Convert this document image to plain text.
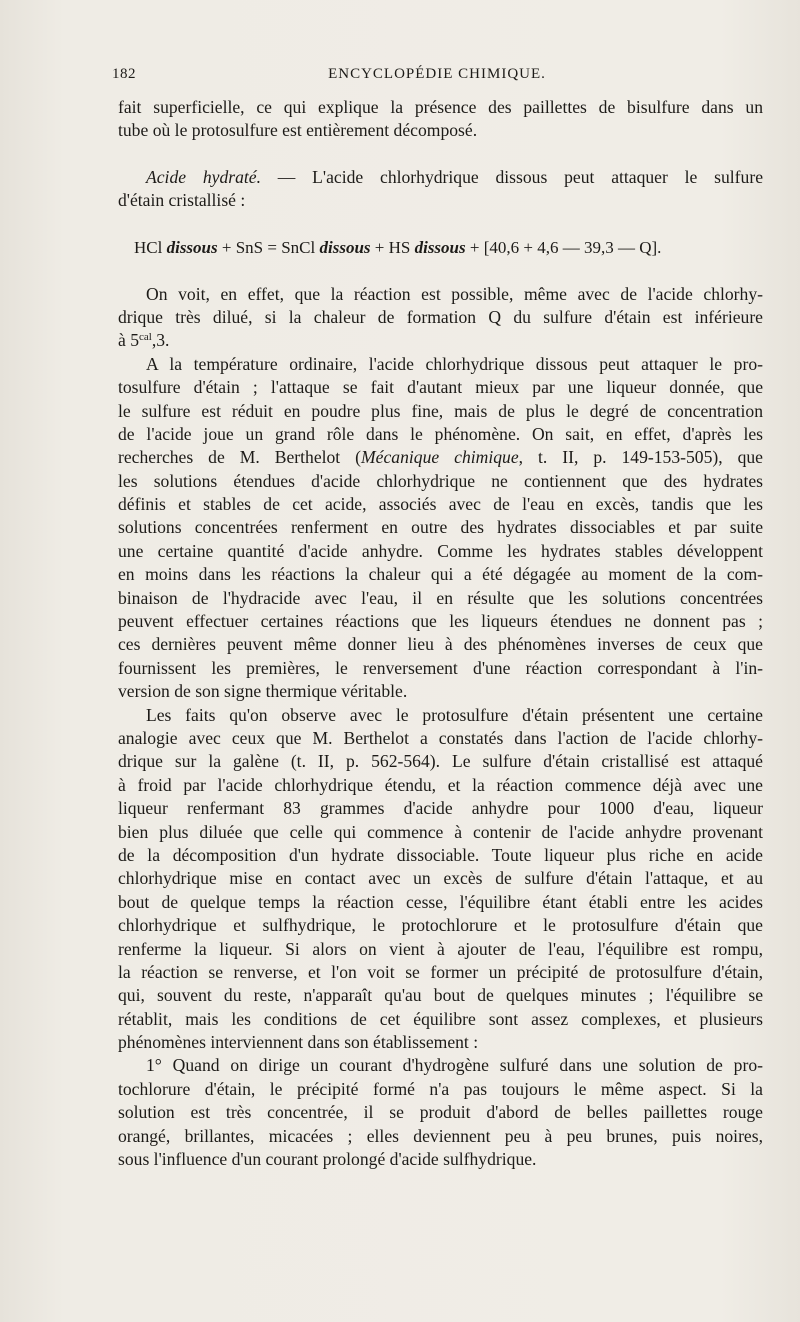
ENCYCLOPÉDIE CHIMIQUE.
182
fait superficielle, ce qui explique la présence des paillettes de bisulfure dans un
tube où le protosulfure est entièrement décomposé.
Acide hydraté. — L'acide chlorhydrique dissous peut attaquer le sulfure
d'étain cristallisé :
HCl dissous + SnS = SnCl dissous + HS dissous + [40,6 + 4,6 — 39,3 — Q].
On voit, en effet, que la réaction est possible, même avec de l'acide chlorhy-
drique très dilué, si la chaleur de formation Q du sulfure d'étain est inférieure
à $5^{cal},3$.
A la température ordinaire, l'acide chlorhydrique dissous peut attaquer le pro-
tosulfure d'étain ; l'attaque se fait d'autant mieux par une liqueur donnée, que
le sulfure est réduit en poudre plus fine, mais de plus le degré de concentration
de l'acide joue un grand rôle dans le phénomène. On sait, en effet, d'après les
recherches de M. Berthelot (Mécanique chimique, t. II, p. 149-153-505), que
les solutions étendues d'acide chlorhydrique ne contiennent que des hydrates
définis et stables de cet acide, associés avec de l'eau en excès, tandis que les
solutions concentrées renferment en outre des hydrates dissociables et par suite
une certaine quantité d'acide anhydre. Comme les hydrates stables développent
en moins dans les réactions la chaleur qui a été dégagée au moment de la com-
binaison de l'hydracide avec l'eau, il en résulte que les solutions concentrées
peuvent effectuer certaines réactions que les liqueurs étendues ne donnent pas ;
ces dernières peuvent même donner lieu à des phénomènes inverses de ceux que
fournissent les premières, le renversement d'une réaction correspondant à l'in-
version de son signe thermique véritable.
Les faits qu'on observe avec le protosulfure d'étain présentent une certaine
analogie avec ceux que M. Berthelot a constatés dans l'action de l'acide chlorhy-
drique sur la galène (t. II, p. 562-564). Le sulfure d'étain cristallisé est attaqué
à froid par l'acide chlorhydrique étendu, et la réaction commence déjà avec une
liqueur renfermant 83 grammes d'acide anhydre pour 1000 d'eau, liqueur
bien plus diluée que celle qui commence à contenir de l'acide anhydre provenant
de la décomposition d'un hydrate dissociable. Toute liqueur plus riche en acide
chlorhydrique mise en contact avec un excès de sulfure d'étain l'attaque, et au
bout de quelque temps la réaction cesse, l'équilibre étant établi entre les acides
chlorhydrique et sulfhydrique, le protochlorure et le protosulfure d'étain que
renferme la liqueur. Si alors on vient à ajouter de l'eau, l'équilibre est rompu,
la réaction se renverse, et l'on voit se former un précipité de protosulfure d'étain,
qui, souvent du reste, n'apparaît qu'au bout de quelques minutes ; l'équilibre se
rétablit, mais les conditions de cet équilibre sont assez complexes, et plusieurs
phénomènes interviennent dans son établissement :
1° Quand on dirige un courant d'hydrogène sulfuré dans une solution de pro-
tochlorure d'étain, le précipité formé n'a pas toujours le même aspect. Si la
solution est très concentrée, il se produit d'abord de belles paillettes rouge
orangé, brillantes, micacées ; elles deviennent peu à peu brunes, puis noires,
sous l'influence d'un courant prolongé d'acide sulfhydrique.
